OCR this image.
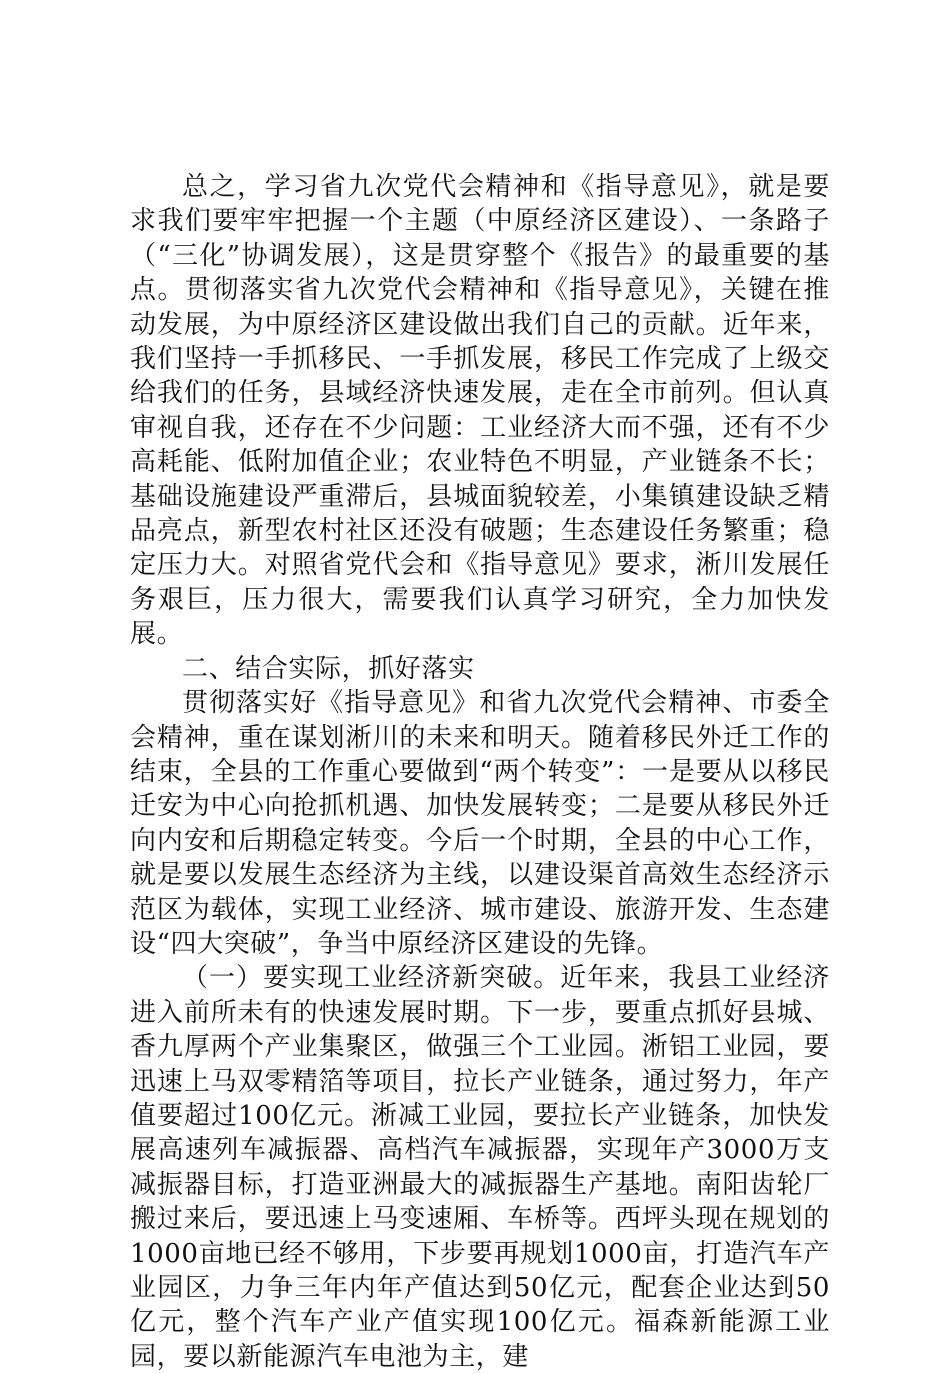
总之，学习省九次党代会精神和《指导意见》，就是要求我们要牢牢把握一个主题（中原经济区建设）、一条路子（“三化”协调发展），这是贯穿整个《报告》的最重要的基点。贯彻落实省九次党代会精神和《指导意见》，关键在推动发展，为中原经济区建设做出我们自己的贡献。近年来，我们坚持一手抓移民、一手抓发展，移民工作完成了上级交给我们的任务，县域经济快速发展，走在全市前列。但认真审视自我，还存在不少问题：工业经济大而不强，还有不少高耗能、低附加值企业；农业特色不明显，产业链条不长；基础设施建设严重滞后，县城面貌较差，小集镇建设缺乏精品亮点，新型农村社区还没有破题；生态建设任务繁重；稳定压力大。对照省党代会和《指导意见》要求，淅川发展任务艰巨，压力很大，需要我们认真学习研究，全力加快发展。

二、结合实际，抓好落实

贯彻落实好《指导意见》和省九次党代会精神、市委全会精神，重在谋划淅川的未来和明天。随着移民外迁工作的结束，全县的工作重心要做到“两个转变”：一是要从以移民迁安为中心向抢抓机遇、加快发展转变；二是要从移民外迁向内安和后期稳定转变。今后一个时期，全县的中心工作，就是要以发展生态经济为主线，以建设渠首高效生态经济示范区为载体，实现工业经济、城市建设、旅游开发、生态建设“四大突破”，争当中原经济区建设的先锋。

（一）要实现工业经济新突破。近年来，我县工业经济进入前所未有的快速发展时期。下一步，要重点抓好县城、香九厚两个产业集聚区，做强三个工业园。淅铝工业园，要迅速上马双零精箔等项目，拉长产业链条，通过努力，年产值要超过100亿元。淅减工业园，要拉长产业链条，加快发展高速列车减振器、高档汽车减振器，实现年产3000万支减振器目标，打造亚洲最大的减振器生产基地。南阳齿轮厂搬过来后，要迅速上马变速厢、车桥等。西坪头现在规划的1000亩地已经不够用，下步要再规划1000亩，打造汽车产业园区，力争三年内年产值达到50亿元，配套企业达到50亿元，整个汽车产业产值实现100亿元。福森新能源工业园，要以新能源汽车电池为主，建
